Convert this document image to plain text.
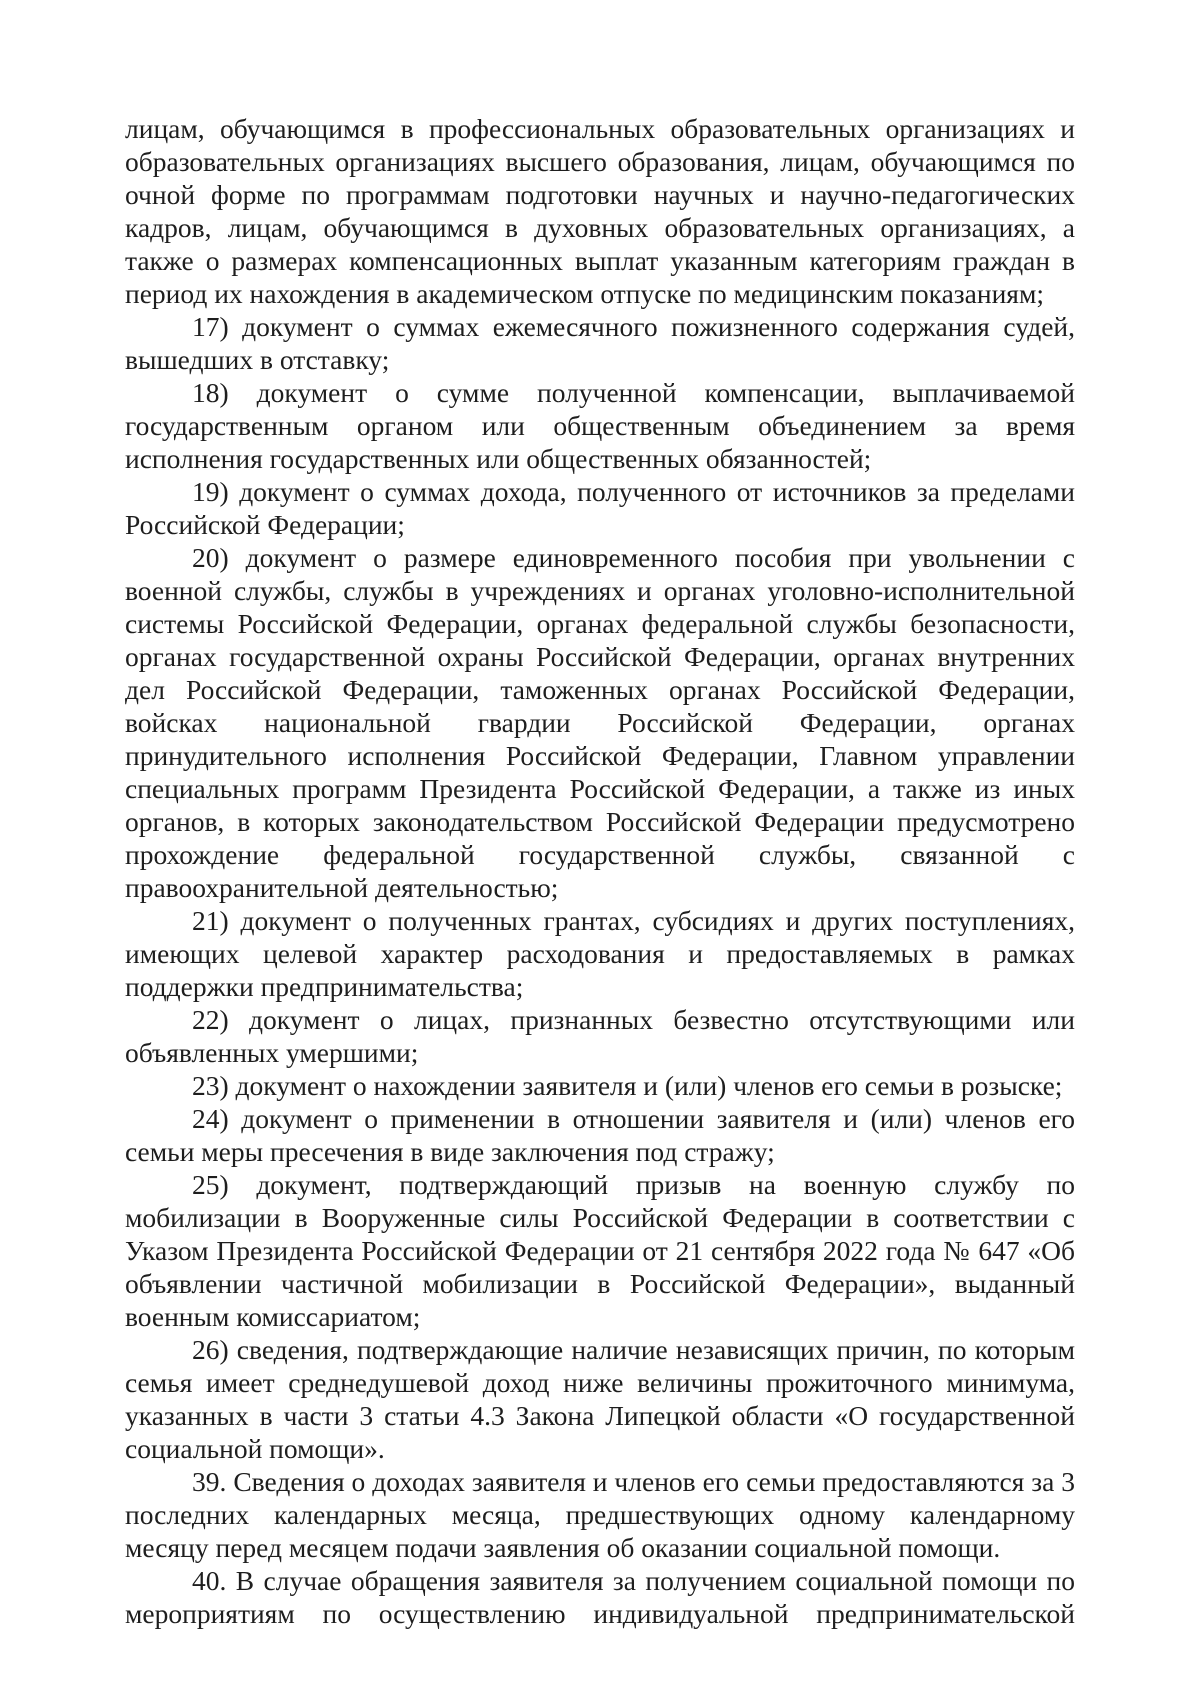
лицам, обучающимся в профессиональных образовательных организациях и образовательных организациях высшего образования, лицам, обучающимся по очной форме по программам подготовки научных и научно-педагогических кадров, лицам, обучающимся в духовных образовательных организациях, а также о размерах компенсационных выплат указанным категориям граждан в период их нахождения в академическом отпуске по медицинским показаниям;

17) документ о суммах ежемесячного пожизненного содержания судей, вышедших в отставку;

18) документ о сумме полученной компенсации, выплачиваемой государственным органом или общественным объединением за время исполнения государственных или общественных обязанностей;

19) документ о суммах дохода, полученного от источников за пределами Российской Федерации;

20) документ о размере единовременного пособия при увольнении с военной службы, службы в учреждениях и органах уголовно-исполнительной системы Российской Федерации, органах федеральной службы безопасности, органах государственной охраны Российской Федерации, органах внутренних дел Российской Федерации, таможенных органах Российской Федерации, войсках национальной гвардии Российской Федерации, органах принудительного исполнения Российской Федерации, Главном управлении специальных программ Президента Российской Федерации, а также из иных органов, в которых законодательством Российской Федерации предусмотрено прохождение федеральной государственной службы, связанной с правоохранительной деятельностью;

21) документ о полученных грантах, субсидиях и других поступлениях, имеющих целевой характер расходования и предоставляемых в рамках поддержки предпринимательства;

22) документ о лицах, признанных безвестно отсутствующими или объявленных умершими;

23) документ о нахождении заявителя и (или) членов его семьи в розыске;

24) документ о применении в отношении заявителя и (или) членов его семьи меры пресечения в виде заключения под стражу;

25) документ, подтверждающий призыв на военную службу по мобилизации в Вооруженные силы Российской Федерации в соответствии с Указом Президента Российской Федерации от 21 сентября 2022 года № 647 «Об объявлении частичной мобилизации в Российской Федерации», выданный военным комиссариатом;

26) сведения, подтверждающие наличие независящих причин, по которым семья имеет среднедушевой доход ниже величины прожиточного минимума, указанных в части 3 статьи 4.3 Закона Липецкой области «О государственной социальной помощи».

39. Сведения о доходах заявителя и членов его семьи предоставляются за 3 последних календарных месяца, предшествующих одному календарному месяцу перед месяцем подачи заявления об оказании социальной помощи.

40. В случае обращения заявителя за получением социальной помощи по мероприятиям по осуществлению индивидуальной предпринимательской
